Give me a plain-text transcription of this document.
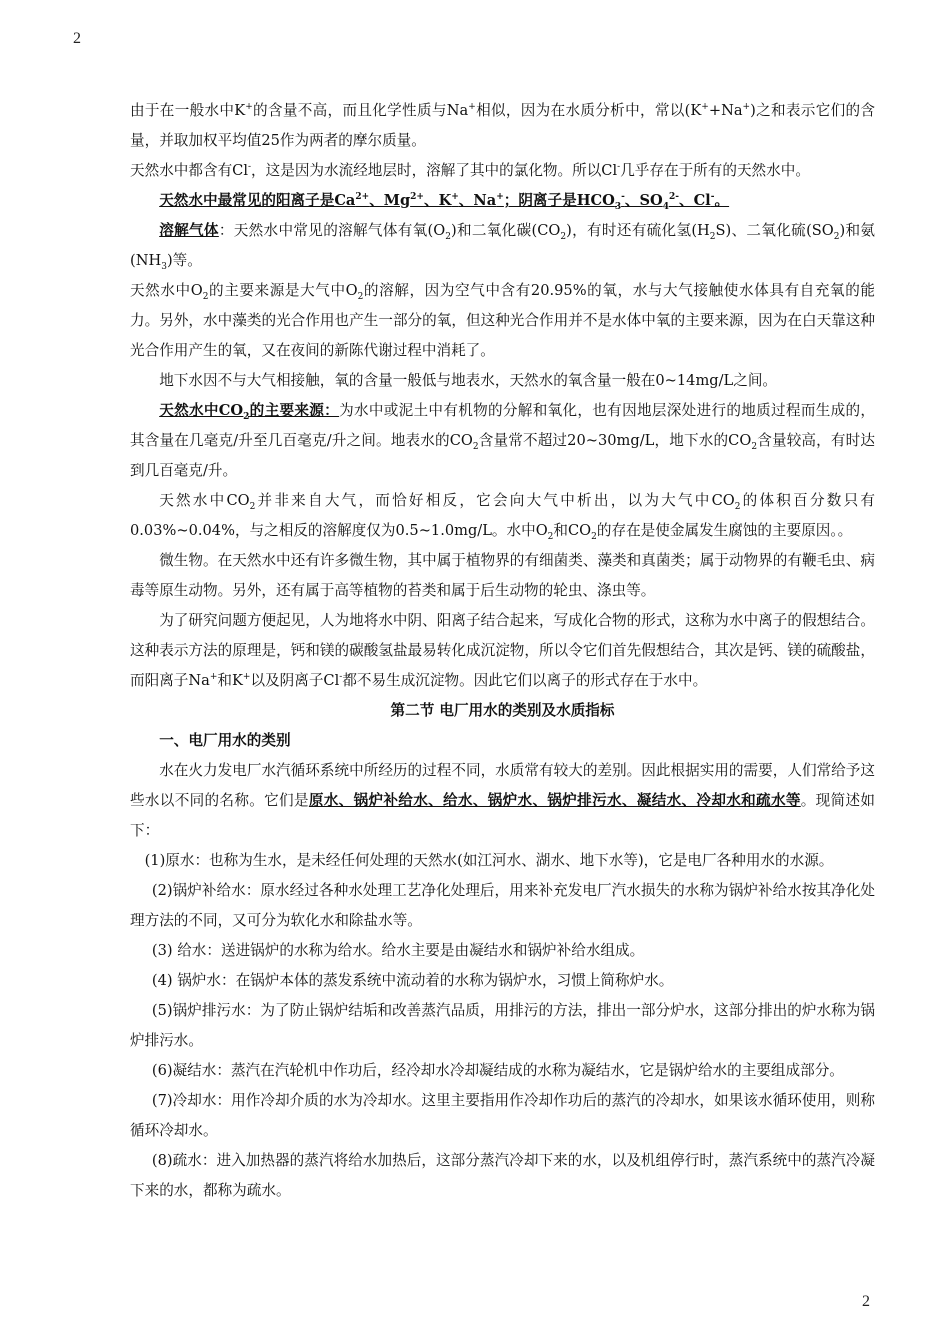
2

由于在一般水中K+的含量不高，而且化学性质与Na+相似，因为在水质分析中，常以(K++Na+)之和表示它们的含量，并取加权平均值25作为两者的摩尔质量。

天然水中都含有Cl-，这是因为水流经地层时，溶解了其中的氯化物。所以Cl-几乎存在于所有的天然水中。

天然水中最常见的阳离子是$Ca^{2+}$、$Mg^{2+}$、K+、Na+；阴离子是$HCO_3^-$、$SO_4^{2-}$、Cl-。

溶解气体：天然水中常见的溶解气体有氧$(O_2)$和二氧化碳$(CO_2)$，有时还有硫化氢$(H_2S)$、二氧化硫$(SO_2)$和氨$(NH_3)$等。

天然水中$O_2$的主要来源是大气中$O_2$的溶解，因为空气中含有20.95%的氧，水与大气接触使水体具有自充氧的能力。另外，水中藻类的光合作用也产生一部分的氧，但这种光合作用并不是水体中氧的主要来源，因为在白天靠这种光合作用产生的氧，又在夜间的新陈代谢过程中消耗了。

地下水因不与大气相接触，氧的含量一般低与地表水，天然水的氧含量一般在0~14mg/L之间。

天然水中$CO_2$的主要来源：为水中或泥土中有机物的分解和氧化，也有因地层深处进行的地质过程而生成的，其含量在几毫克/升至几百毫克/升之间。地表水的$CO_2$含量常不超过20~30mg/L，地下水的$CO_2$含量较高，有时达到几百毫克/升。

天然水中$CO_2$并非来自大气，而恰好相反，它会向大气中析出，以为大气中$CO_2$的体积百分数只有0.03%~0.04%，与之相反的溶解度仅为0.5~1.0mg/L。水中$O_2$和$CO_2$的存在是使金属发生腐蚀的主要原因。。

微生物。在天然水中还有许多微生物，其中属于植物界的有细菌类、藻类和真菌类；属于动物界的有鞭毛虫、病毒等原生动物。另外，还有属于高等植物的苔类和属于后生动物的轮虫、涤虫等。

为了研究问题方便起见，人为地将水中阴、阳离子结合起来，写成化合物的形式，这称为水中离子的假想结合。这种表示方法的原理是，钙和镁的碳酸氢盐最易转化成沉淀物，所以令它们首先假想结合，其次是钙、镁的硫酸盐，而阳离子Na+和K+以及阴离子Cl-都不易生成沉淀物。因此它们以离子的形式存在于水中。

第二节 电厂用水的类别及水质指标

一、电厂用水的类别

水在火力发电厂水汽循环系统中所经历的过程不同，水质常有较大的差别。因此根据实用的需要，人们常给予这些水以不同的名称。它们是原水、锅炉补给水、给水、锅炉水、锅炉排污水、凝结水、冷却水和疏水等。现简述如下：

(1)原水：也称为生水，是未经任何处理的天然水(如江河水、湖水、地下水等)，它是电厂各种用水的水源。

(2)锅炉补给水：原水经过各种水处理工艺净化处理后，用来补充发电厂汽水损失的水称为锅炉补给水按其净化处理方法的不同，又可分为软化水和除盐水等。

(3) 给水：送进锅炉的水称为给水。给水主要是由凝结水和锅炉补给水组成。

(4) 锅炉水：在锅炉本体的蒸发系统中流动着的水称为锅炉水，习惯上简称炉水。

(5)锅炉排污水：为了防止锅炉结垢和改善蒸汽品质，用排污的方法，排出一部分炉水，这部分排出的炉水称为锅炉排污水。

(6)凝结水：蒸汽在汽轮机中作功后，经冷却水冷却凝结成的水称为凝结水，它是锅炉给水的主要组成部分。

(7)冷却水：用作冷却介质的水为冷却水。这里主要指用作冷却作功后的蒸汽的冷却水，如果该水循环使用，则称循环冷却水。

(8)疏水：进入加热器的蒸汽将给水加热后，这部分蒸汽冷却下来的水，以及机组停行时，蒸汽系统中的蒸汽冷凝下来的水，都称为疏水。

2
